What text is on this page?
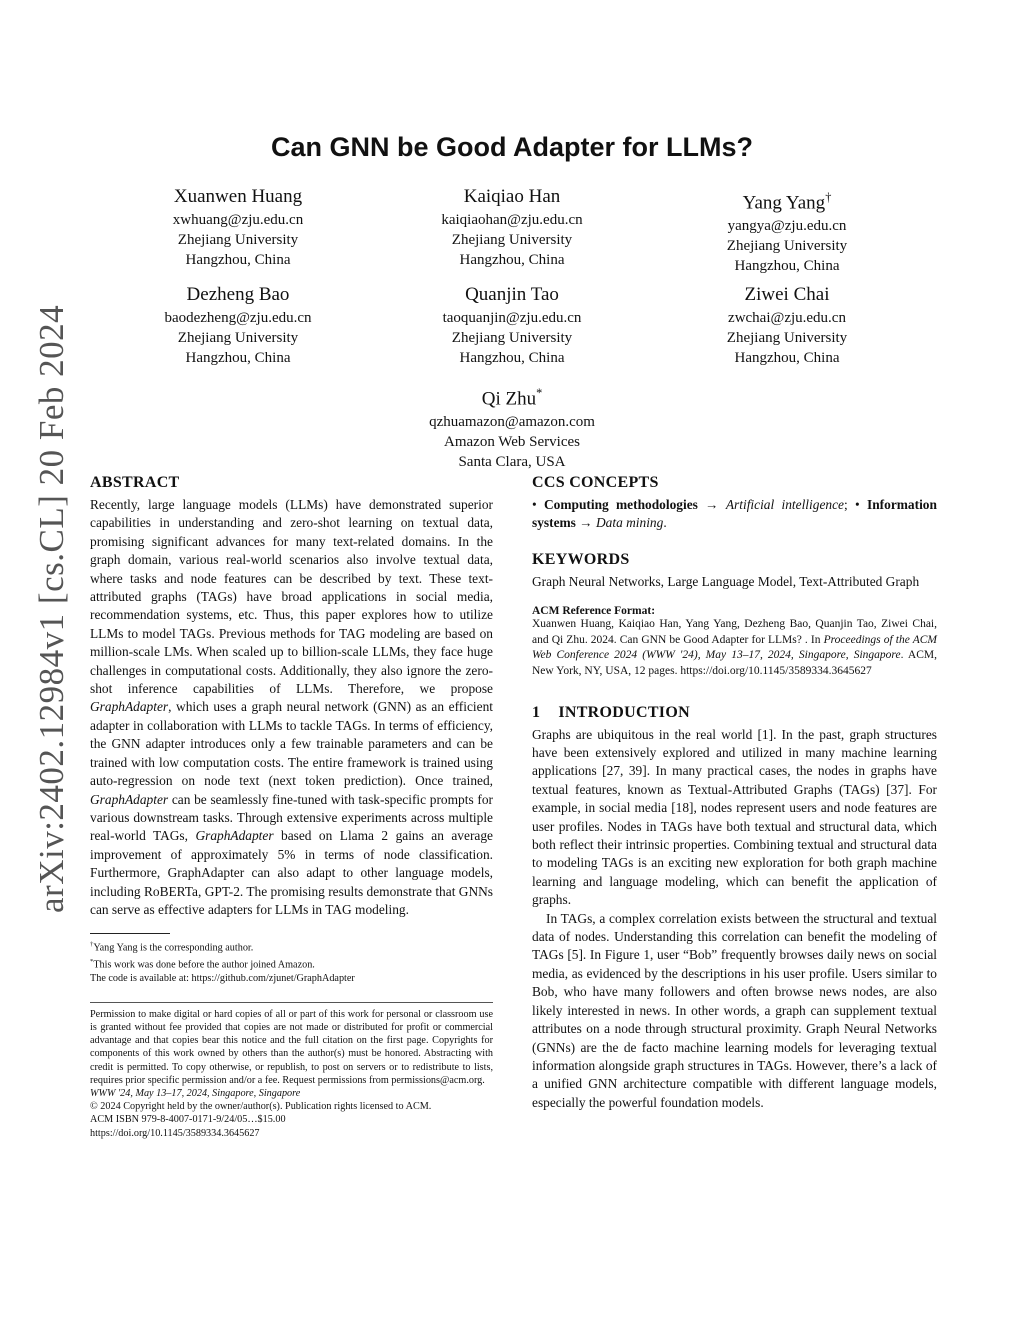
arXiv:2402.12984v1 [cs.CL] 20 Feb 2024
Can GNN be Good Adapter for LLMs?
Xuanwen Huang
xwhuang@zju.edu.cn
Zhejiang University
Hangzhou, China
Kaiqiao Han
kaiqiaohan@zju.edu.cn
Zhejiang University
Hangzhou, China
Yang Yang†
yangya@zju.edu.cn
Zhejiang University
Hangzhou, China
Dezheng Bao
baodezheng@zju.edu.cn
Zhejiang University
Hangzhou, China
Quanjin Tao
taoquanjin@zju.edu.cn
Zhejiang University
Hangzhou, China
Ziwei Chai
zwchai@zju.edu.cn
Zhejiang University
Hangzhou, China
Qi Zhu*
qzhuamazon@amazon.com
Amazon Web Services
Santa Clara, USA
ABSTRACT
Recently, large language models (LLMs) have demonstrated superior capabilities in understanding and zero-shot learning on textual data, promising significant advances for many text-related domains. In the graph domain, various real-world scenarios also involve textual data, where tasks and node features can be described by text. These text-attributed graphs (TAGs) have broad applications in social media, recommendation systems, etc. Thus, this paper explores how to utilize LLMs to model TAGs. Previous methods for TAG modeling are based on million-scale LMs. When scaled up to billion-scale LLMs, they face huge challenges in computational costs. Additionally, they also ignore the zero-shot inference capabilities of LLMs. Therefore, we propose GraphAdapter, which uses a graph neural network (GNN) as an efficient adapter in collaboration with LLMs to tackle TAGs. In terms of efficiency, the GNN adapter introduces only a few trainable parameters and can be trained with low computation costs. The entire framework is trained using auto-regression on node text (next token prediction). Once trained, GraphAdapter can be seamlessly fine-tuned with task-specific prompts for various downstream tasks. Through extensive experiments across multiple real-world TAGs, GraphAdapter based on Llama 2 gains an average improvement of approximately 5% in terms of node classification. Furthermore, GraphAdapter can also adapt to other language models, including RoBERTa, GPT-2. The promising results demonstrate that GNNs can serve as effective adapters for LLMs in TAG modeling.
†Yang Yang is the corresponding author.
*This work was done before the author joined Amazon.
The code is available at: https://github.com/zjunet/GraphAdapter
Permission to make digital or hard copies of all or part of this work for personal or classroom use is granted without fee provided that copies are not made or distributed for profit or commercial advantage and that copies bear this notice and the full citation on the first page. Copyrights for components of this work owned by others than the author(s) must be honored. Abstracting with credit is permitted. To copy otherwise, or republish, to post on servers or to redistribute to lists, requires prior specific permission and/or a fee. Request permissions from permissions@acm.org.
WWW '24, May 13–17, 2024, Singapore, Singapore
© 2024 Copyright held by the owner/author(s). Publication rights licensed to ACM.
ACM ISBN 979-8-4007-0171-9/24/05…$15.00
https://doi.org/10.1145/3589334.3645627
CCS CONCEPTS
• Computing methodologies → Artificial intelligence; • Information systems → Data mining.
KEYWORDS
Graph Neural Networks, Large Language Model, Text-Attributed Graph
ACM Reference Format:
Xuanwen Huang, Kaiqiao Han, Yang Yang, Dezheng Bao, Quanjin Tao, Ziwei Chai, and Qi Zhu. 2024. Can GNN be Good Adapter for LLMs? . In Proceedings of the ACM Web Conference 2024 (WWW '24), May 13–17, 2024, Singapore, Singapore. ACM, New York, NY, USA, 12 pages. https://doi.org/10.1145/3589334.3645627
1 INTRODUCTION
Graphs are ubiquitous in the real world [1]. In the past, graph structures have been extensively explored and utilized in many machine learning applications [27, 39]. In many practical cases, the nodes in graphs have textual features, known as Textual-Attributed Graphs (TAGs) [37]. For example, in social media [18], nodes represent users and node features are user profiles. Nodes in TAGs have both textual and structural data, which both reflect their intrinsic properties. Combining textual and structural data to modeling TAGs is an exciting new exploration for both graph machine learning and language modeling, which can benefit the application of graphs.
In TAGs, a complex correlation exists between the structural and textual data of nodes. Understanding this correlation can benefit the modeling of TAGs [5]. In Figure 1, user “Bob” frequently browses daily news on social media, as evidenced by the descriptions in his user profile. Users similar to Bob, who have many followers and often browse news nodes, are also likely interested in news. In other words, a graph can supplement textual attributes on a node through structural proximity. Graph Neural Networks (GNNs) are the de facto machine learning models for leveraging textual information alongside graph structures in TAGs. However, there’s a lack of a unified GNN architecture compatible with different language models, especially the powerful foundation models.
